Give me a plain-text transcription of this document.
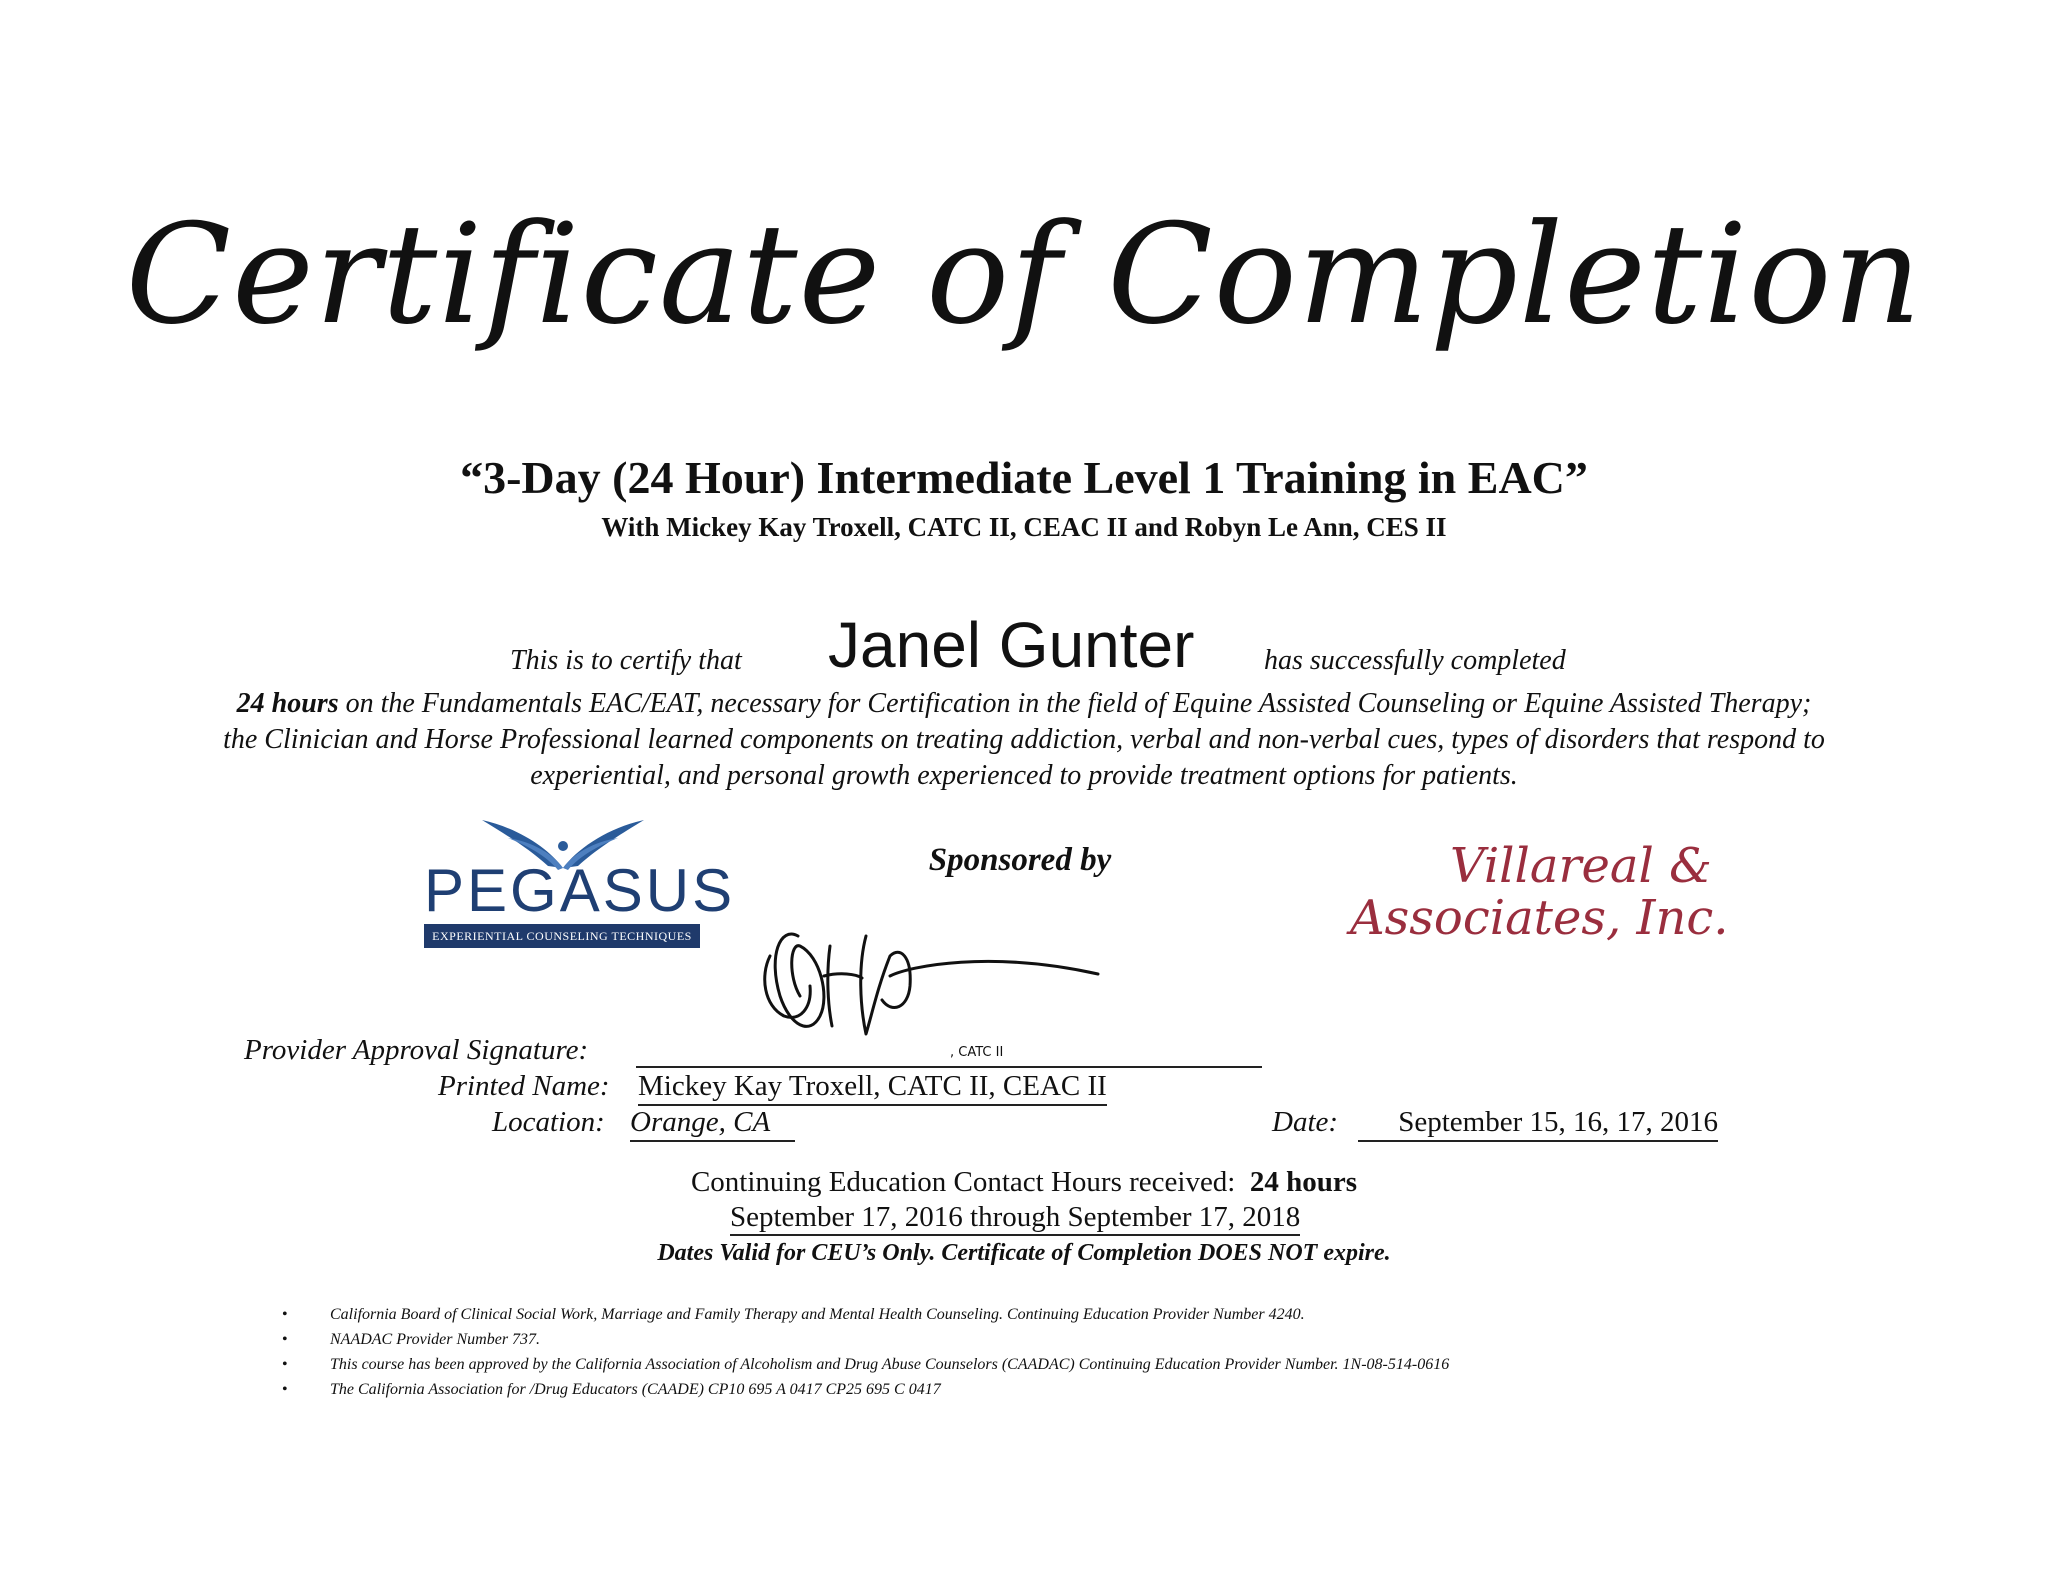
Certificate of Completion
“3-Day (24 Hour) Intermediate Level 1 Training in EAC”
With Mickey Kay Troxell, CATC II, CEAC II and Robyn Le Ann, CES II
This is to certify that Janel Gunter has successfully completed
24 hours on the Fundamentals EAC/EAT, necessary for Certification in the field of Equine Assisted Counseling or Equine Assisted Therapy; the Clinician and Horse Professional learned components on treating addiction, verbal and non-verbal cues, types of disorders that respond to experiential, and personal growth experienced to provide treatment options for patients.
PEGASUS
EXPERIENTIAL COUNSELING TECHNIQUES
Sponsored by	Villareal &
Associates, Inc.
, CATC II
Provider Approval Signature:
Printed Name: Mickey Kay Troxell, CATC II, CEAC II
Location: Orange, CA	Date:	September 15, 16, 17, 2016
Continuing Education Contact Hours received: 24 hours
September 17, 2016 through September 17, 2018
Dates Valid for CEU’s Only. Certificate of Completion DOES NOT expire.
•	California Board of Clinical Social Work, Marriage and Family Therapy and Mental Health Counseling. Continuing Education Provider Number 4240.
•	NAADAC Provider Number 737.
•	This course has been approved by the California Association of Alcoholism and Drug Abuse Counselors (CAADAC) Continuing Education Provider Number. 1N-08-514-0616
•	The California Association for /Drug Educators (CAADE) CP10 695 A 0417 CP25 695 C 0417
